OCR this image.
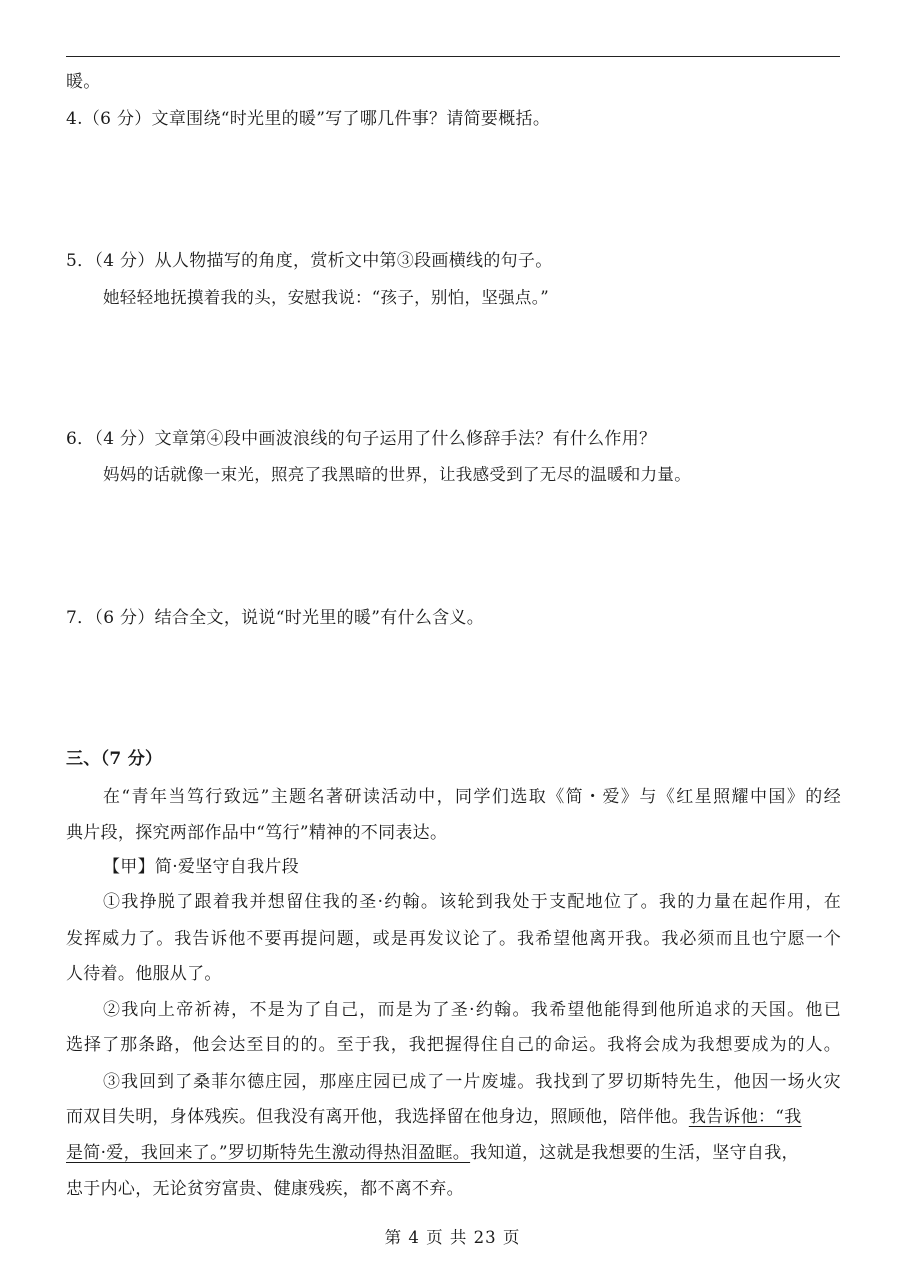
暖。
4.（6 分）文章围绕“时光里的暖”写了哪几件事？请简要概括。
5．（4 分）从人物描写的角度，赏析文中第③段画横线的句子。
她轻轻地抚摸着我的头，安慰我说：“孩子，别怕，坚强点。”
6．（4 分）文章第④段中画波浪线的句子运用了什么修辞手法？有什么作用？
妈妈的话就像一束光，照亮了我黑暗的世界，让我感受到了无尽的温暖和力量。
7．（6 分）结合全文，说说“时光里的暖”有什么含义。
三、（7 分）
在“青年当笃行致远”主题名著研读活动中，同学们选取《简・爱》与《红星照耀中国》的经
典片段，探究两部作品中“笃行”精神的不同表达。
【甲】简·爱坚守自我片段
①我挣脱了跟着我并想留住我的圣·约翰。该轮到我处于支配地位了。我的力量在起作用，在
发挥威力了。我告诉他不要再提问题，或是再发议论了。我希望他离开我。我必须而且也宁愿一个
人待着。他服从了。
②我向上帝祈祷，不是为了自己，而是为了圣·约翰。我希望他能得到他所追求的天国。他已
选择了那条路，他会达至目的的。至于我，我把握得住自己的命运。我将会成为我想要成为的人。
③我回到了桑菲尔德庄园，那座庄园已成了一片废墟。我找到了罗切斯特先生，他因一场火灾
而双目失明，身体残疾。但我没有离开他，我选择留在他身边，照顾他，陪伴他。我告诉他：“我
是简·爱，我回来了。”罗切斯特先生激动得热泪盈眶。我知道，这就是我想要的生活，坚守自我，
忠于内心，无论贫穷富贵、健康残疾，都不离不弃。
第 4 页 共 23 页
